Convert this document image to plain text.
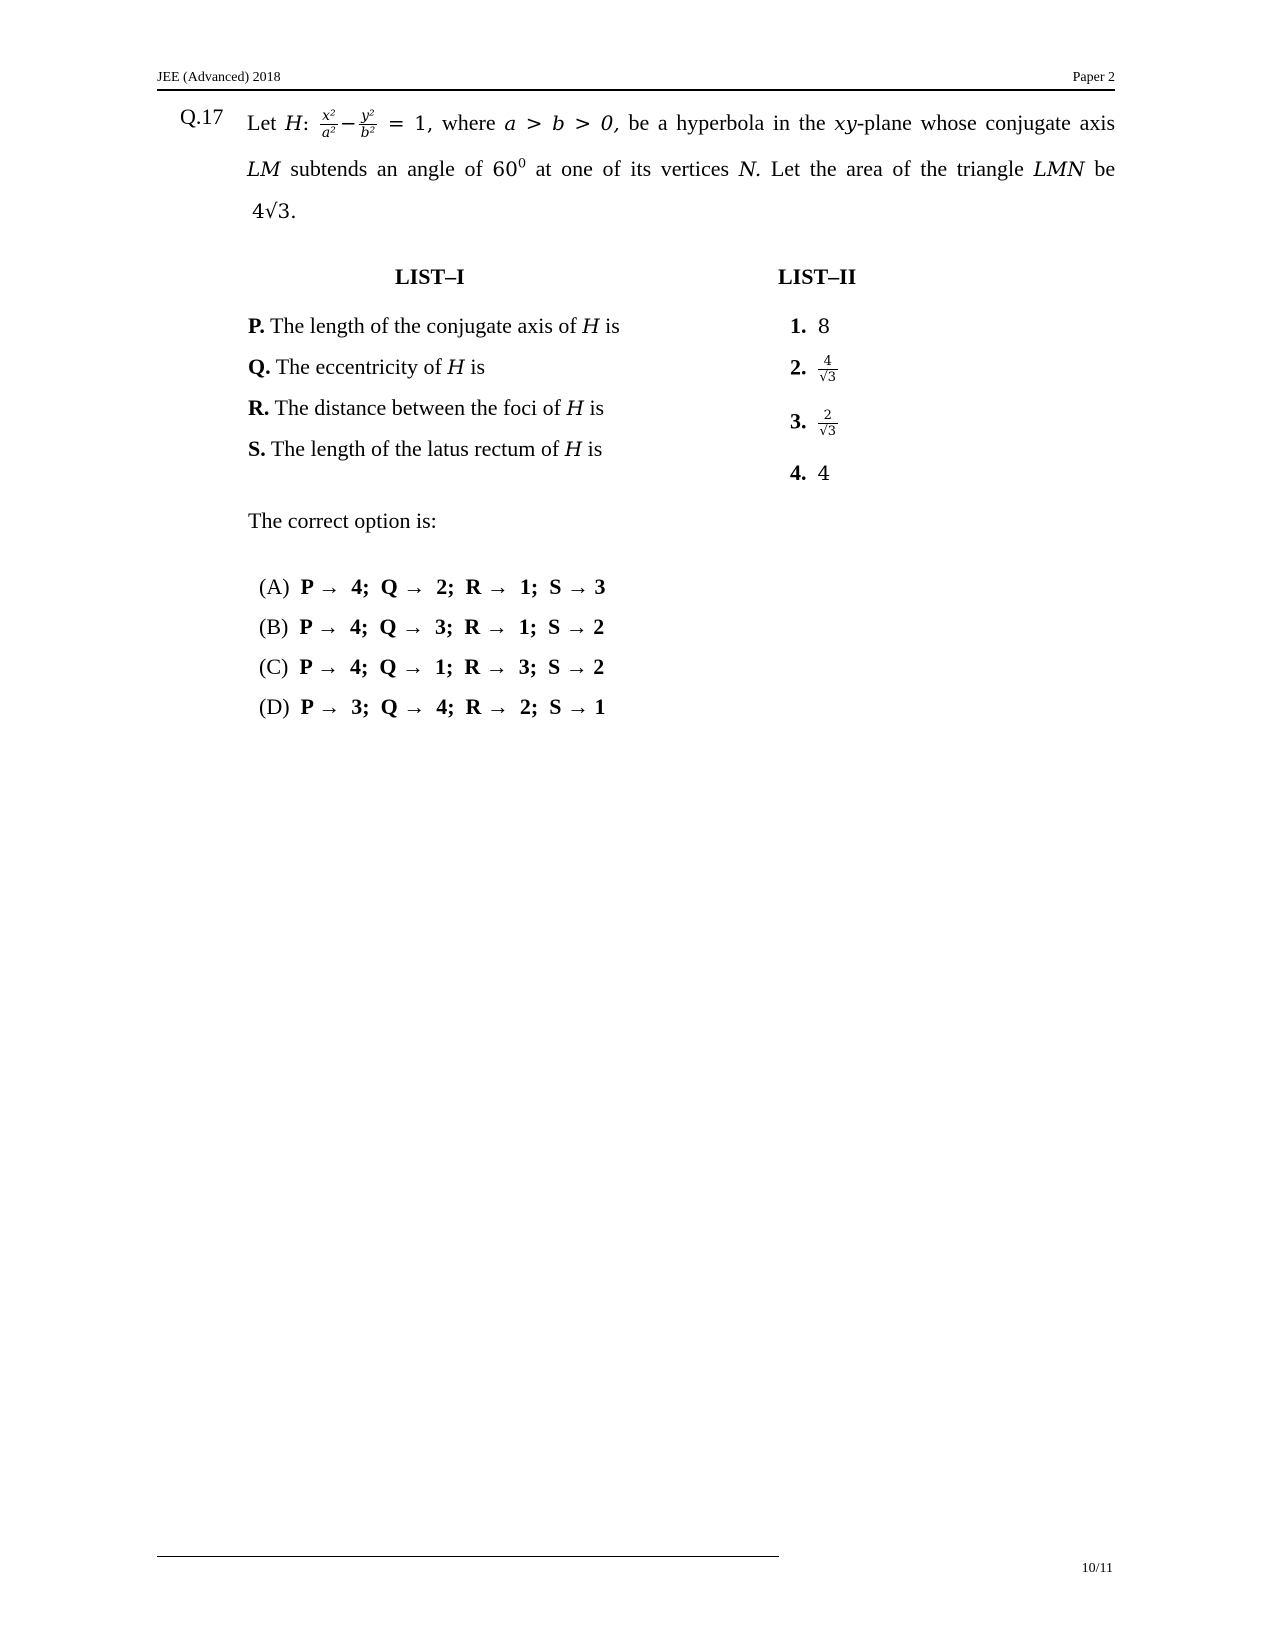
JEE (Advanced) 2018	Paper 2
Q.17 Let H: $\frac{\text{x²}}{\text{a²}} - \frac{\text{y²}}{\text{b²}} = 1$, where a > b > 0, be a hyperbola in the xy-plane whose conjugate axis
LM subtends an angle of $60^0$ at one of its vertices N. Let the area of the triangle LMN be
4√3.
LIST–I	LIST–II
P. The length of the conjugate axis of H is
Q. The eccentricity of H is
R. The distance between the foci of H is
S. The length of the latus rectum of H is
1. 8
2. $\frac{4}{√3}$
3. $\frac{2}{√3}$
4. 4
The correct option is:

(A) P →  4;  Q →  2;  R →  1;  S → 3

(B) P →  4;  Q →  3;  R →  1;  S → 2

(C) P →  4;  Q →  1;  R →  3;  S → 2

(D) P →  3;  Q →  4;  R →  2;  S → 1

10/11
